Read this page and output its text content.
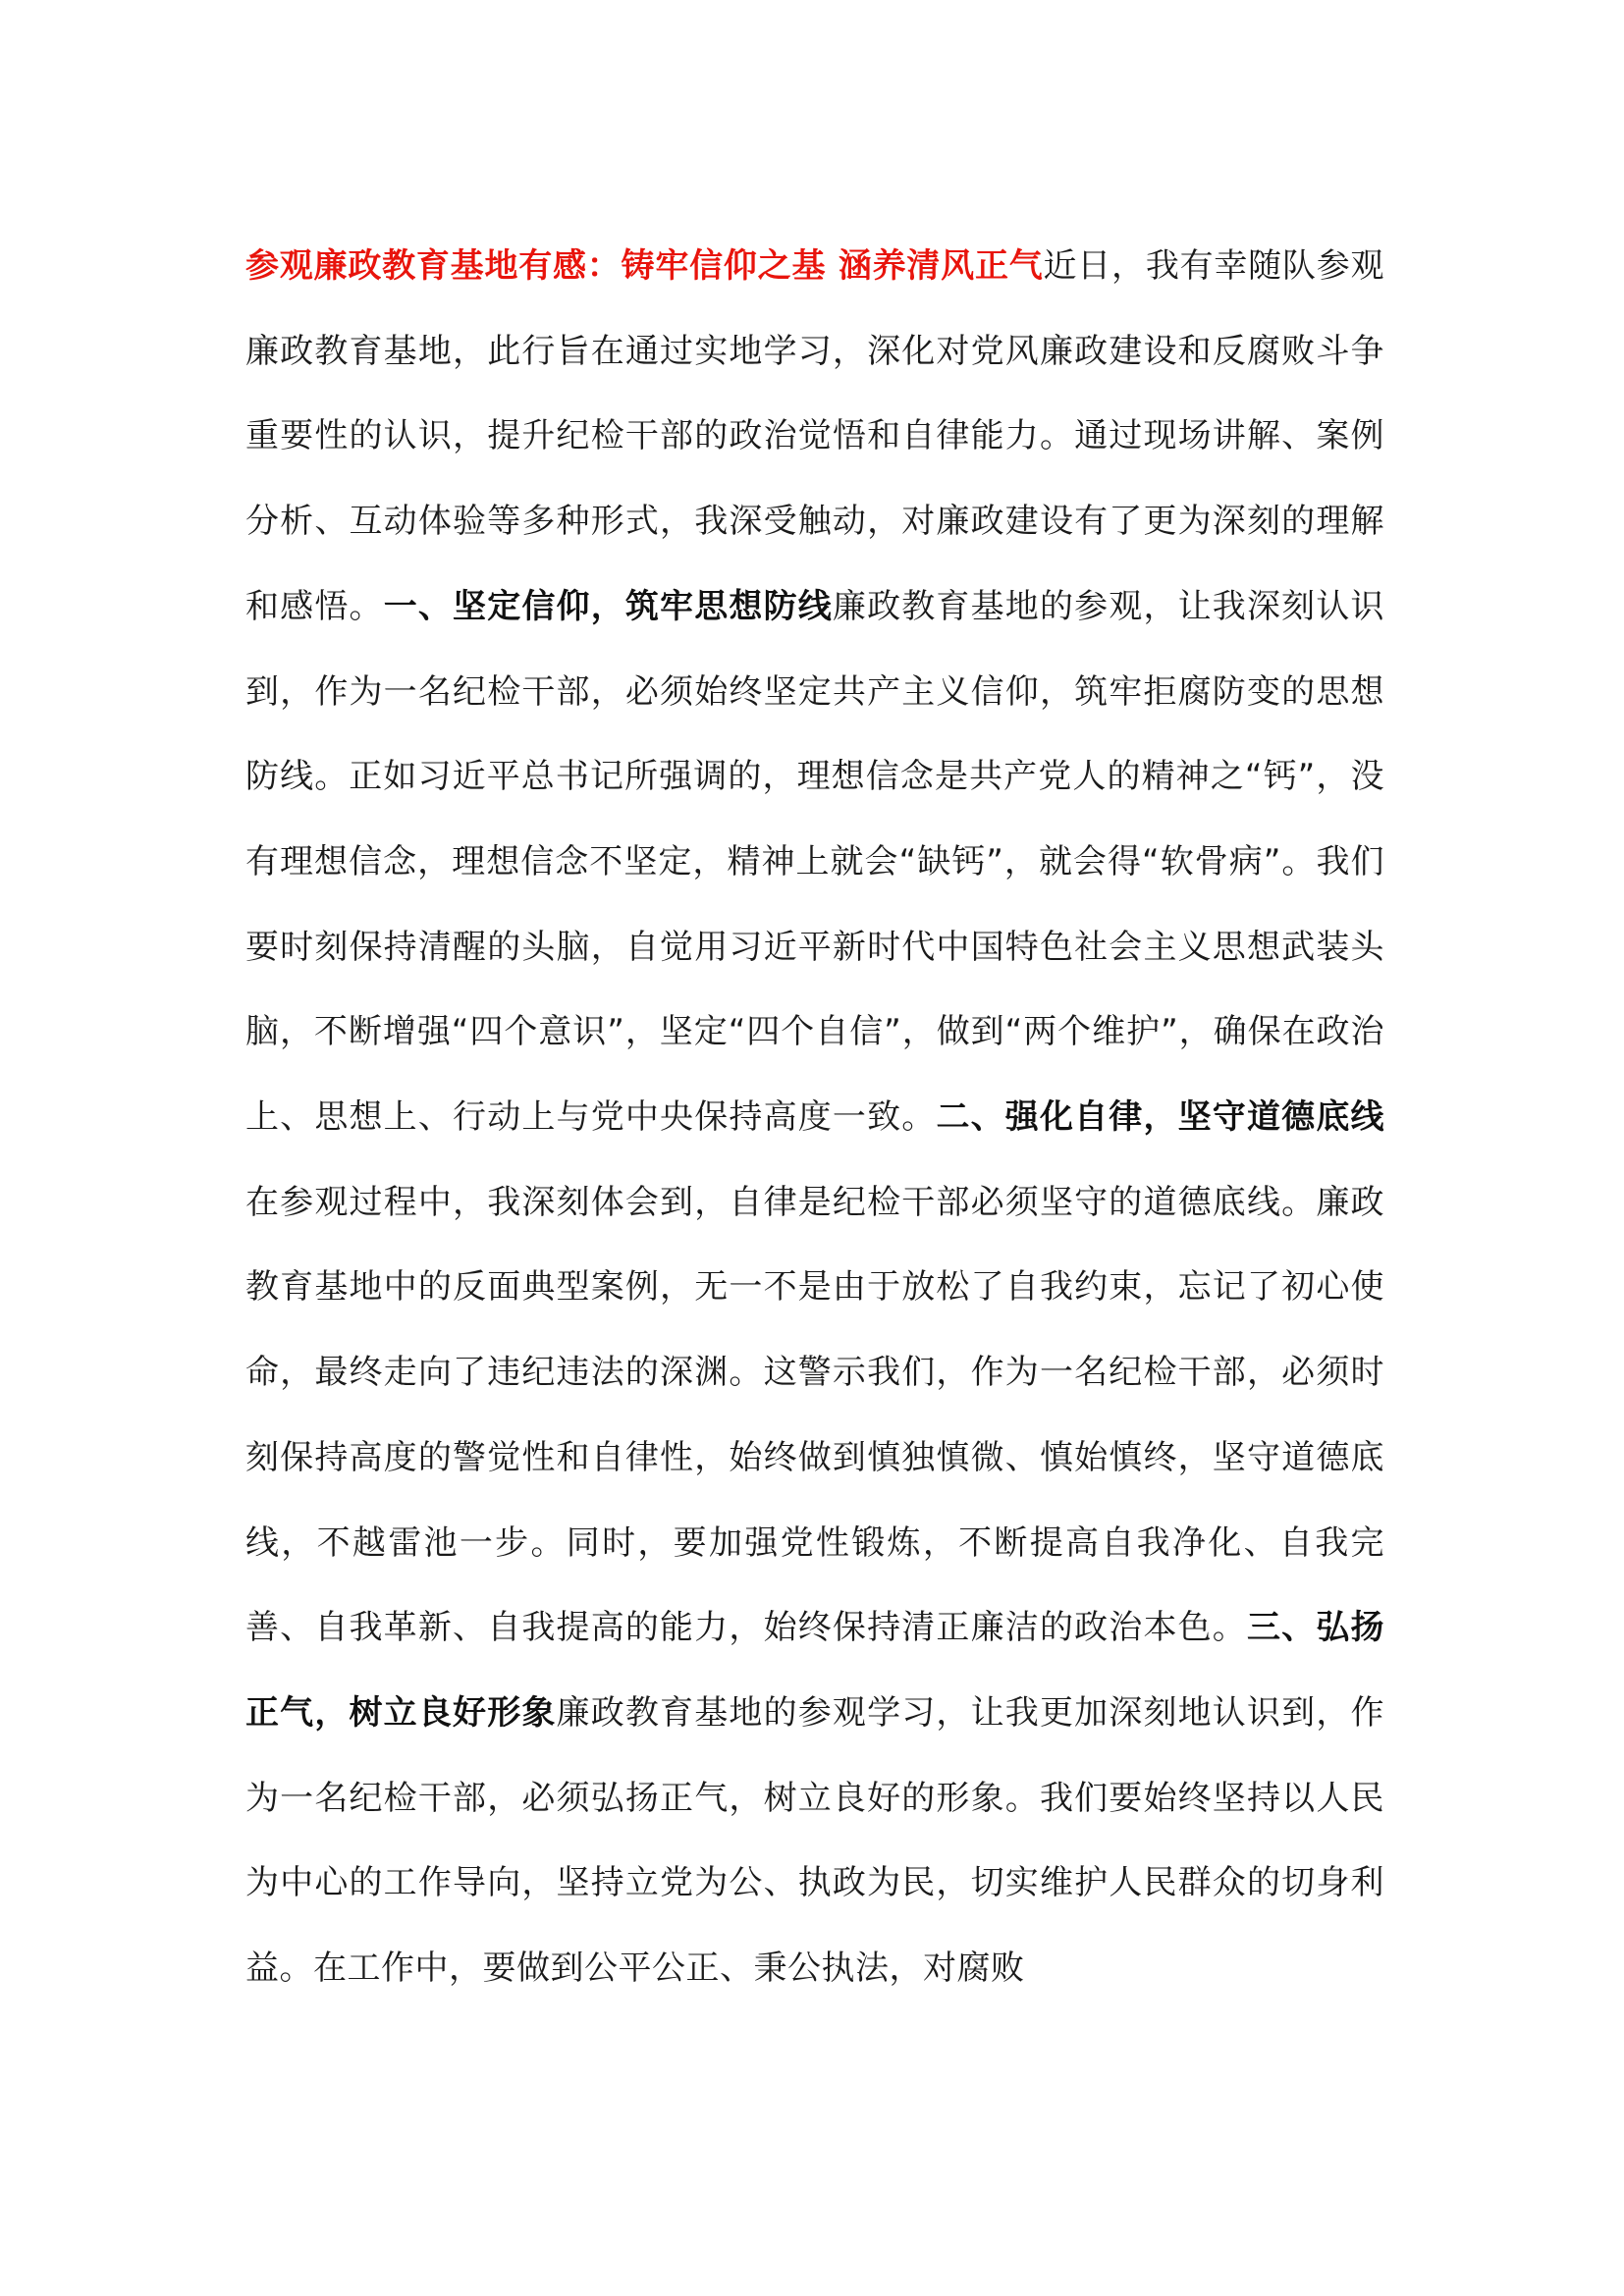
参观廉政教育基地有感：铸牢信仰之基 涵养清风正气近日，我有幸随队参观廉政教育基地，此行旨在通过实地学习，深化对党风廉政建设和反腐败斗争重要性的认识，提升纪检干部的政治觉悟和自律能力。通过现场讲解、案例分析、互动体验等多种形式，我深受触动，对廉政建设有了更为深刻的理解和感悟。一、坚定信仰，筑牢思想防线廉政教育基地的参观，让我深刻认识到，作为一名纪检干部，必须始终坚定共产主义信仰，筑牢拒腐防变的思想防线。正如习近平总书记所强调的，理想信念是共产党人的精神之“钙”，没有理想信念，理想信念不坚定，精神上就会“缺钙”，就会得“软骨病”。我们要时刻保持清醒的头脑，自觉用习近平新时代中国特色社会主义思想武装头脑，不断增强“四个意识”，坚定“四个自信”，做到“两个维护”，确保在政治上、思想上、行动上与党中央保持高度一致。二、强化自律，坚守道德底线在参观过程中，我深刻体会到，自律是纪检干部必须坚守的道德底线。廉政教育基地中的反面典型案例，无一不是由于放松了自我约束，忘记了初心使命，最终走向了违纪违法的深渊。这警示我们，作为一名纪检干部，必须时刻保持高度的警觉性和自律性，始终做到慎独慎微、慎始慎终，坚守道德底线，不越雷池一步。同时，要加强党性锻炼，不断提高自我净化、自我完善、自我革新、自我提高的能力，始终保持清正廉洁的政治本色。三、弘扬正气，树立良好形象廉政教育基地的参观学习，让我更加深刻地认识到，作为一名纪检干部，必须弘扬正气，树立良好的形象。我们要始终坚持以人民为中心的工作导向，坚持立党为公、执政为民，切实维护人民群众的切身利益。在工作中，要做到公平公正、秉公执法，对腐败
